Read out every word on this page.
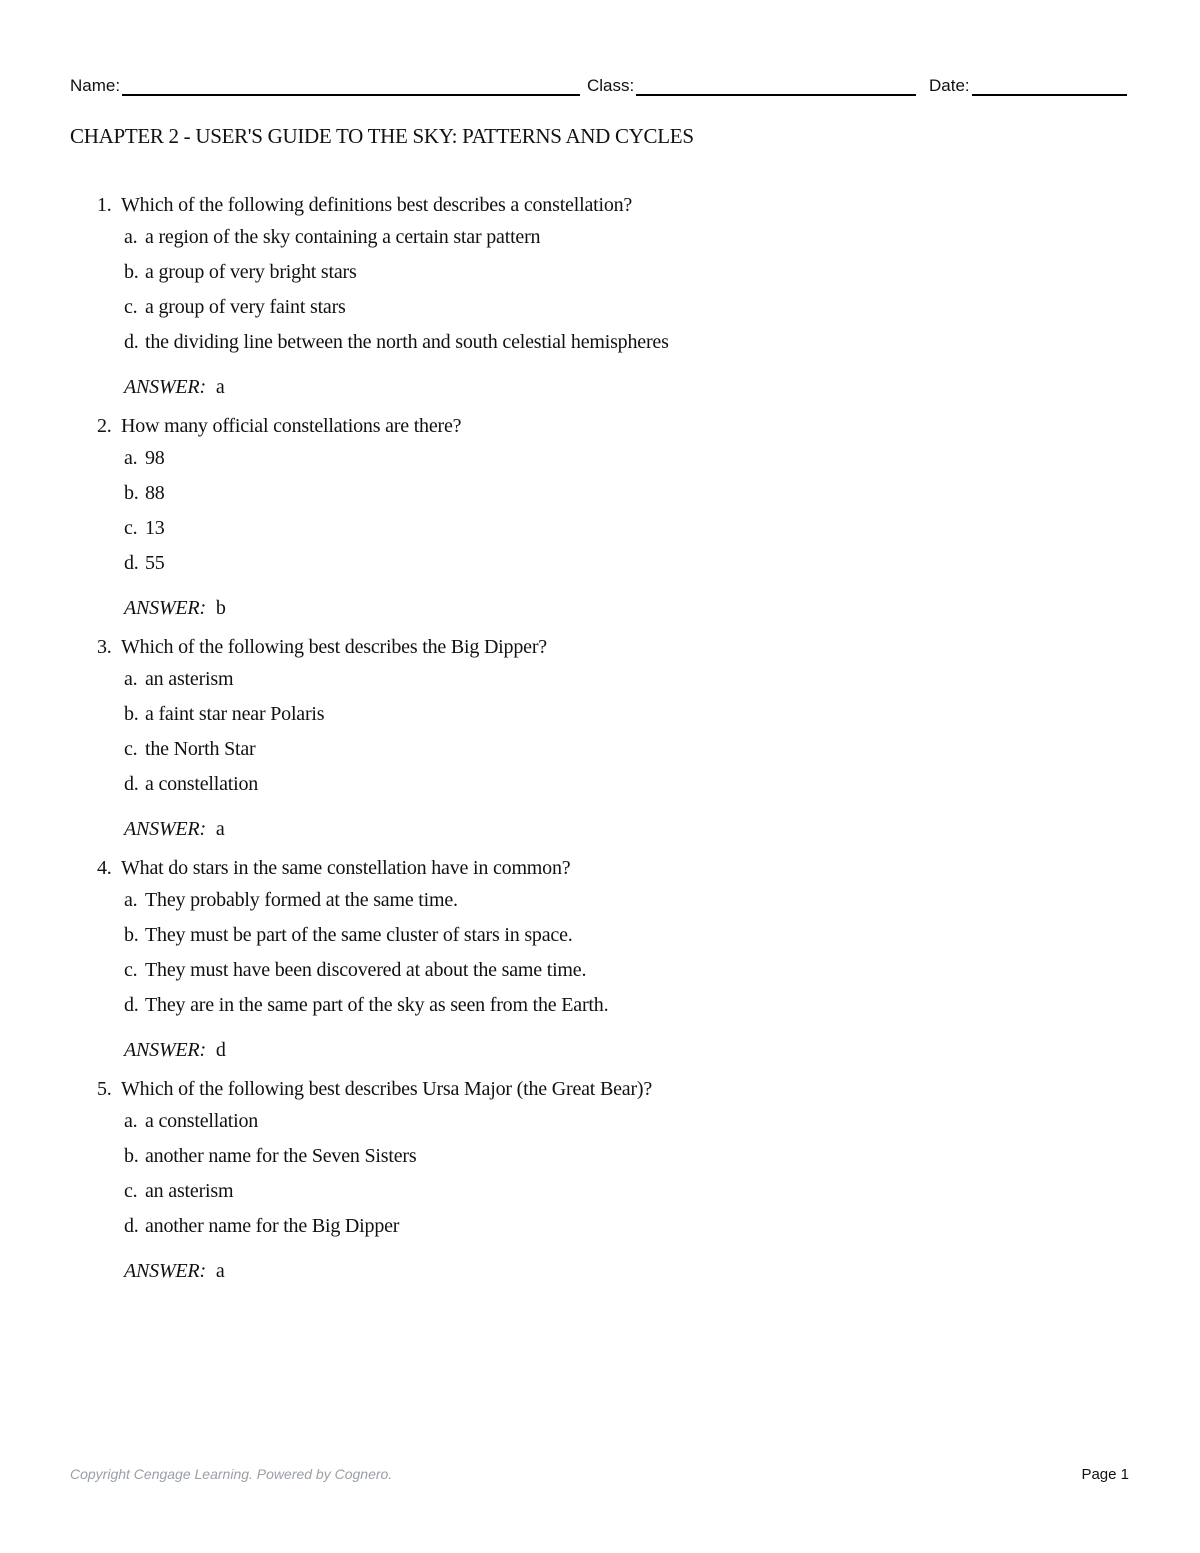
Name:	Class:	Date:
CHAPTER 2 - USER'S GUIDE TO THE SKY: PATTERNS AND CYCLES
1. Which of the following definitions best describes a constellation?
a. a region of the sky containing a certain star pattern
b. a group of very bright stars
c. a group of very faint stars
d. the dividing line between the north and south celestial hemispheres
ANSWER: a
2. How many official constellations are there?
a. 98
b. 88
c. 13
d. 55
ANSWER: b
3. Which of the following best describes the Big Dipper?
a. an asterism
b. a faint star near Polaris
c. the North Star
d. a constellation
ANSWER: a
4. What do stars in the same constellation have in common?
a. They probably formed at the same time.
b. They must be part of the same cluster of stars in space.
c. They must have been discovered at about the same time.
d. They are in the same part of the sky as seen from the Earth.
ANSWER: d
5. Which of the following best describes Ursa Major (the Great Bear)?
a. a constellation
b. another name for the Seven Sisters
c. an asterism
d. another name for the Big Dipper
ANSWER: a
Copyright Cengage Learning. Powered by Cognero.	Page 1
